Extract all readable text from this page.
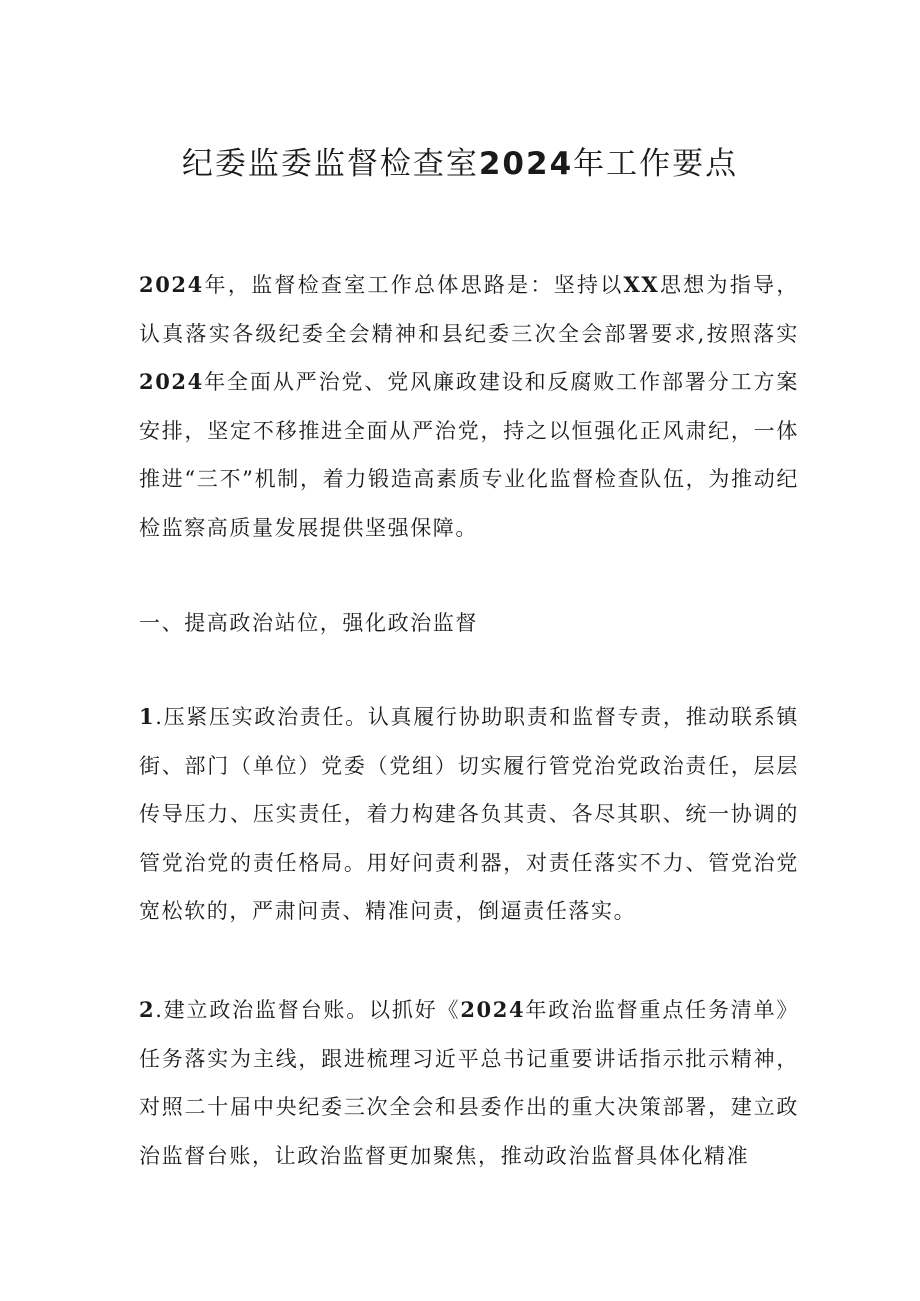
纪委监委监督检查室2024年工作要点

2024年，监督检查室工作总体思路是：坚持以XX思想为指导，认真落实各级纪委全会精神和县纪委三次全会部署要求,按照落实2024年全面从严治党、党风廉政建设和反腐败工作部署分工方案安排，坚定不移推进全面从严治党，持之以恒强化正风肃纪，一体推进“三不”机制，着力锻造高素质专业化监督检查队伍，为推动纪检监察高质量发展提供坚强保障。

一、提高政治站位，强化政治监督

1.压紧压实政治责任。认真履行协助职责和监督专责，推动联系镇街、部门（单位）党委（党组）切实履行管党治党政治责任，层层传导压力、压实责任，着力构建各负其责、各尽其职、统一协调的管党治党的责任格局。用好问责利器，对责任落实不力、管党治党宽松软的，严肃问责、精准问责，倒逼责任落实。

2.建立政治监督台账。以抓好《2024年政治监督重点任务清单》任务落实为主线，跟进梳理习近平总书记重要讲话指示批示精神，对照二十届中央纪委三次全会和县委作出的重大决策部署，建立政治监督台账，让政治监督更加聚焦，推动政治监督具体化精准
